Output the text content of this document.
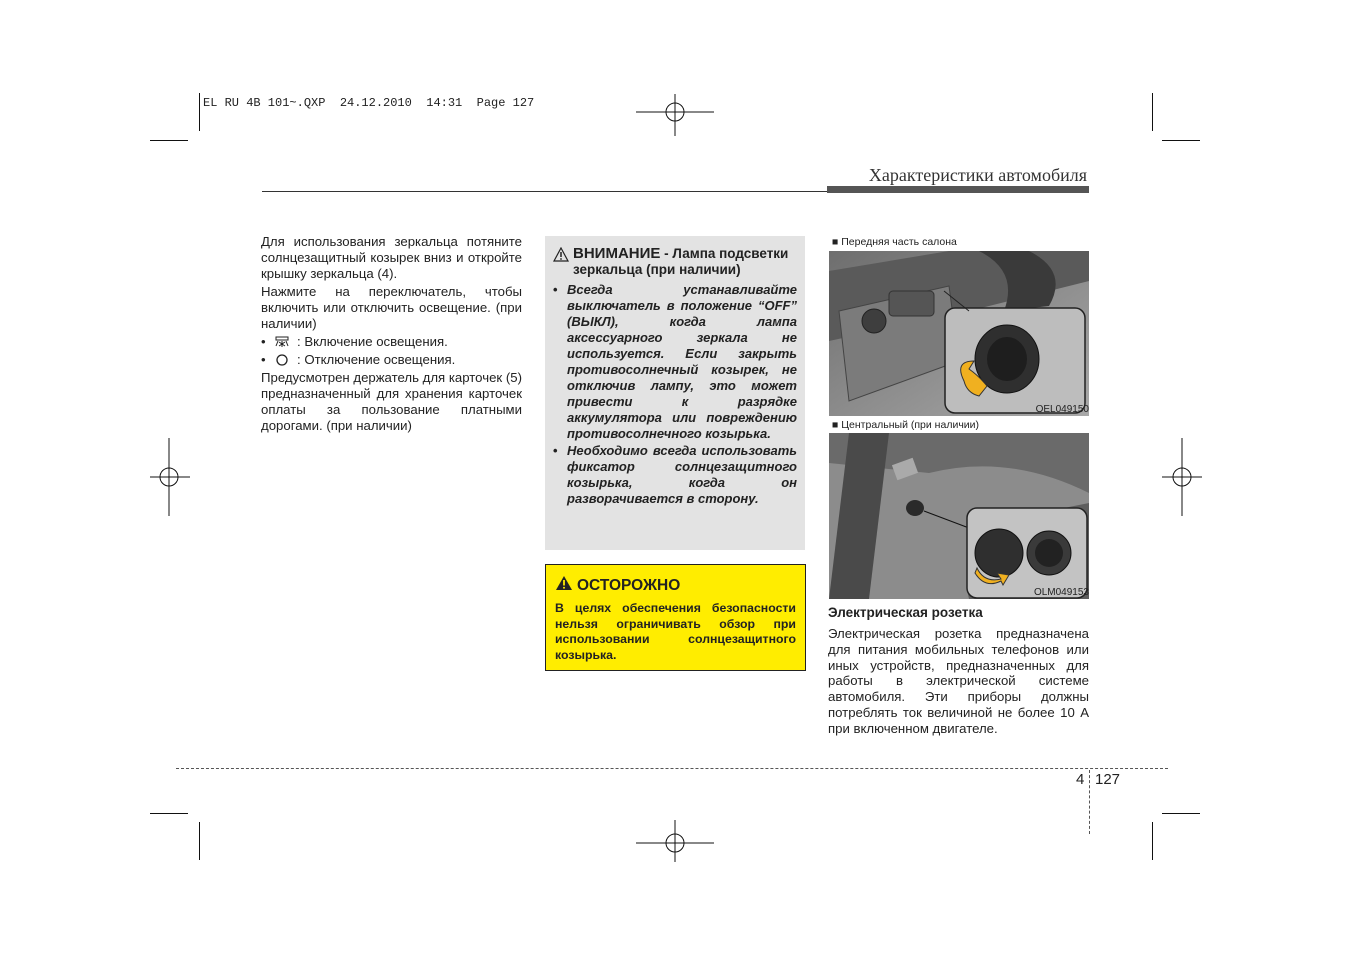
EL RU 4B 101~.QXP  24.12.2010  14:31  Page 127
Характеристики автомобиля

Для использования зеркальца потяните солнцезащитный козырек вниз и откройте крышку зеркальца (4).

Нажмите на переключатель, чтобы включить или отключить освещение. (при наличии)

•	: Включение освещения.
•	: Отключение освещения.

Предусмотрен держатель для карточек (5) предназначенный для хранения карточек оплаты за пользование платными дорогами. (при наличии)

ВНИМАНИЕ - Лампа подсветки зеркальца (при наличии)
• Всегда устанавливайте выключатель в положение “OFF” (ВЫКЛ), когда лампа аксессуарного зеркала не используется. Если закрыть противосолнечный козырек, не отключив лампу, это может привести к разрядке аккумулятора или повреждению противосолнечного козырька.
• Необходимо всегда использовать фиксатор солнцезащитного козырька, когда он разворачивается в сторону.
ОСТОРОЖНО
В целях обеспечения безопасности нельзя ограничивать обзор при использовании солнцезащитного козырька.
■ Передняя часть салона
OEL049150
■ Центральный (при наличии)
OLM049153
Электрическая розетка

Электрическая розетка предназначена для питания мобильных телефонов или иных устройств, предназначенных для работы в электрической системе автомобиля. Эти приборы должны потреблять ток величиной не более 10 А при включенном двигателе.

4 127
